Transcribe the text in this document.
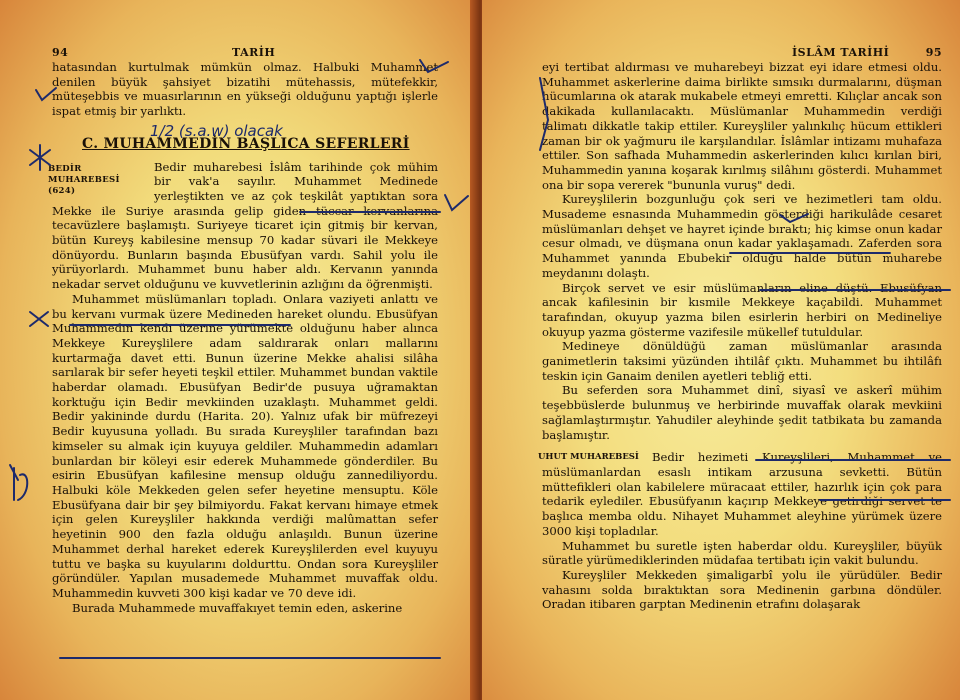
94	TARİH

hatasından kurtulmak mümkün olmaz. Halbuki Muhammet denilen büyük şahsiyet bizatihi mütehassis, mütefekkir, müteşebbis ve muasırlarının en yükseği olduğunu yaptığı işlerle ispat etmiş bir yarlıktı.

C. MUHAMMEDİN BAŞLICA SEFERLERİ
BEDİR MUHAREBESİ (624)

Bedir muharebesi İslâm tarihinde çok mühim bir vak'a sayılır. Muhammet Medinede yerleştikten ve az çok teşkilât yaptıktan sora Mekke ile Suriye arasında gelip giden tüccar kervanlarına tecavüzlere başlamıştı. Suriyeye ticaret için gitmiş bir kervan, bütün Kureyş kabilesine mensup 70 kadar süvari ile Mekkeye dönüyordu. Bunların başında Ebusüfyan vardı. Sahil yolu ile yürüyorlardı. Muhammet bunu haber aldı. Kervanın yanında nekadar servet olduğunu ve kuvvetlerinin azlığını da öğrenmişti.

Muhammet müslümanları topladı. Onlara vaziyeti anlattı ve bu kervanı vurmak üzere Medineden hareket olundu. Ebusüfyan Muhammedin kendi üzerine yürümekte olduğunu haber alınca Mekkeye Kureyşlilere adam saldırarak onları mallarını kurtarmağa davet etti. Bunun üzerine Mekke ahalisi silâha sarılarak bir sefer heyeti teşkil ettiler. Muhammet bundan vaktile haberdar olamadı. Ebusüfyan Bedir'de pusuya uğramaktan korktuğu için Bedir mevkiinden uzaklaştı. Muhammet geldi. Bedir yakininde durdu (Harita. 20). Yalnız ufak bir müfrezeyi Bedir kuyusuna yolladı. Bu sırada Kureyşliler tarafından bazı kimseler su almak için kuyuya geldiler. Muhammedin adamları bunlardan bir köleyi esir ederek Muhammede gönderdiler. Bu esirin Ebusüfyan kafilesine mensup olduğu zannediliyordu. Halbuki köle Mekkeden gelen sefer heyetine mensuptu. Köle Ebusüfyana dair bir şey bilmiyordu. Fakat kervanı himaye etmek için gelen Kureyşliler hakkında verdiği malûmattan sefer heyetinin 900 den fazla olduğu anlaşıldı. Bunun üzerine Muhammet derhal hareket ederek Kureyşlilerden evel kuyuyu tuttu ve başka su kuyularını doldurttu. Ondan sora Kureyşliler göründüler. Yapılan musademede Muhammet muvaffak oldu. Muhammedin kuvveti 300 kişi kadar ve 70 deve idi.

Burada Muhammede muvaffakıyet temin eden, askerine

1/2 (s.a.w) olacak
İSLÂM TARİHİ	95

eyi tertibat aldırması ve muharebeyi bizzat eyi idare etmesi oldu. Muhammet askerlerine daima birlikte sımsıkı durmalarını, düşman hücumlarına ok atarak mukabele etmeyi emretti. Kılıçlar ancak son dakikada kullanılacaktı. Müslümanlar Muhammedin verdiği talimatı dikkatle takip ettiler. Kureyşliler yalınkılıç hücum ettikleri zaman bir ok yağmuru ile karşılandılar. İslâmlar intizamı muhafaza ettiler. Son safhada Muhammedin askerlerinden kılıcı kırılan biri, Muhammedin yanına koşarak kırılmış silâhını gösterdi. Muhammet ona bir sopa vererek "bununla vuruş" dedi.

Kureyşlilerin bozgunluğu çok seri ve hezimetleri tam oldu. Musademe esnasında Muhammedin gösterdiği harikulâde cesaret müslümanları dehşet ve hayret içinde bıraktı; hiç kimse onun kadar cesur olmadı, ve düşmana onun kadar yaklaşamadı. Zaferden sora Muhammet yanında Ebubekir olduğu halde bütün muharebe meydanını dolaştı.

Birçok servet ve esir müslümanların eline düştü. Ebusüfyan ancak kafilesinin bir kısmile Mekkeye kaçabildi. Muhammet tarafından, okuyup yazma bilen esirlerin herbiri on Medineliye okuyup yazma gösterme vazifesile mükellef tutuldular.

Medineye dönüldüğü zaman müslümanlar arasında ganimetlerin taksimi yüzünden ihtilâf çıktı. Muhammet bu ihtilâfı teskin için Ganaim denilen ayetleri tebliğ etti.

Bu seferden sora Muhammet dinî, siyasî ve askerî mühim teşebbüslerde bulunmuş ve herbirinde muvaffak olarak mevkiini sağlamlaştırmıştır. Yahudiler aleyhinde şedit tatbikata bu zamanda başlamıştır.

UHUT MUHAREBESİ	Bedir hezimeti Kureyşlileri, Muhammet ve müslümanlardan esaslı intikam arzusuna sevketti. Bütün müttefikleri olan kabilelere müracaat ettiler, hazırlık için çok para tedarik eylediler. Ebusüfyanın kaçırıp Mekkeye getirdiği servet te başlıca memba oldu. Nihayet Muhammet aleyhine yürümek üzere 3000 kişi topladılar.

Muhammet bu suretle işten haberdar oldu. Kureyşliler, büyük süratle yürümediklerinden müdafaa tertibatı için vakit bulundu.

Kureyşliler Mekkeden şimaligarbî yolu ile yürüdüler. Bedir vahasını solda bıraktıktan sora Medinenin garbına döndüler. Oradan itibaren garptan Medinenin etrafını dolaşarak
